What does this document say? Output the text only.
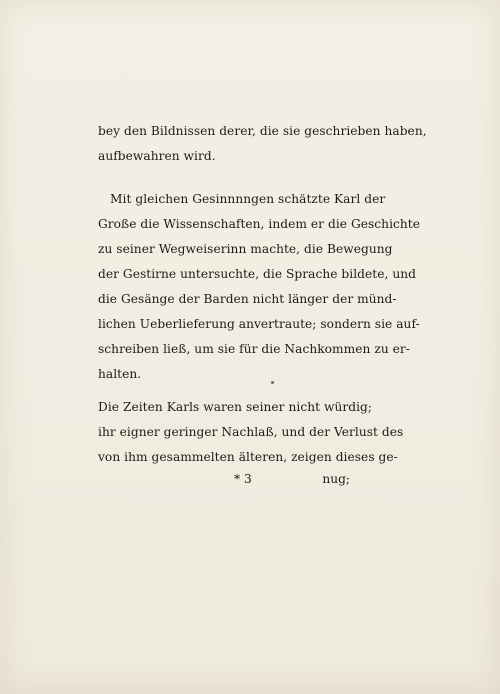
bey den Bildnissen derer, die sie geschrieben haben,
aufbewahren wird.
Mit gleichen Gesinnnngen schätzte Karl der
Große die Wissenschaften, indem er die Geschichte
zu seiner Wegweiserinn machte, die Bewegung
der Gestirne untersuchte, die Sprache bildete, und
die Gesänge der Barden nicht länger der münd-
lichen Ueberlieferung anvertraute; sondern sie auf-
schreiben ließ, um sie für die Nachkommen zu er-
halten.
Die Zeiten Karls waren seiner nicht würdig;
ihr eigner geringer Nachlaß, und der Verlust des
von ihm gesammelten älteren, zeigen dieses ge-
* 3	nug;
